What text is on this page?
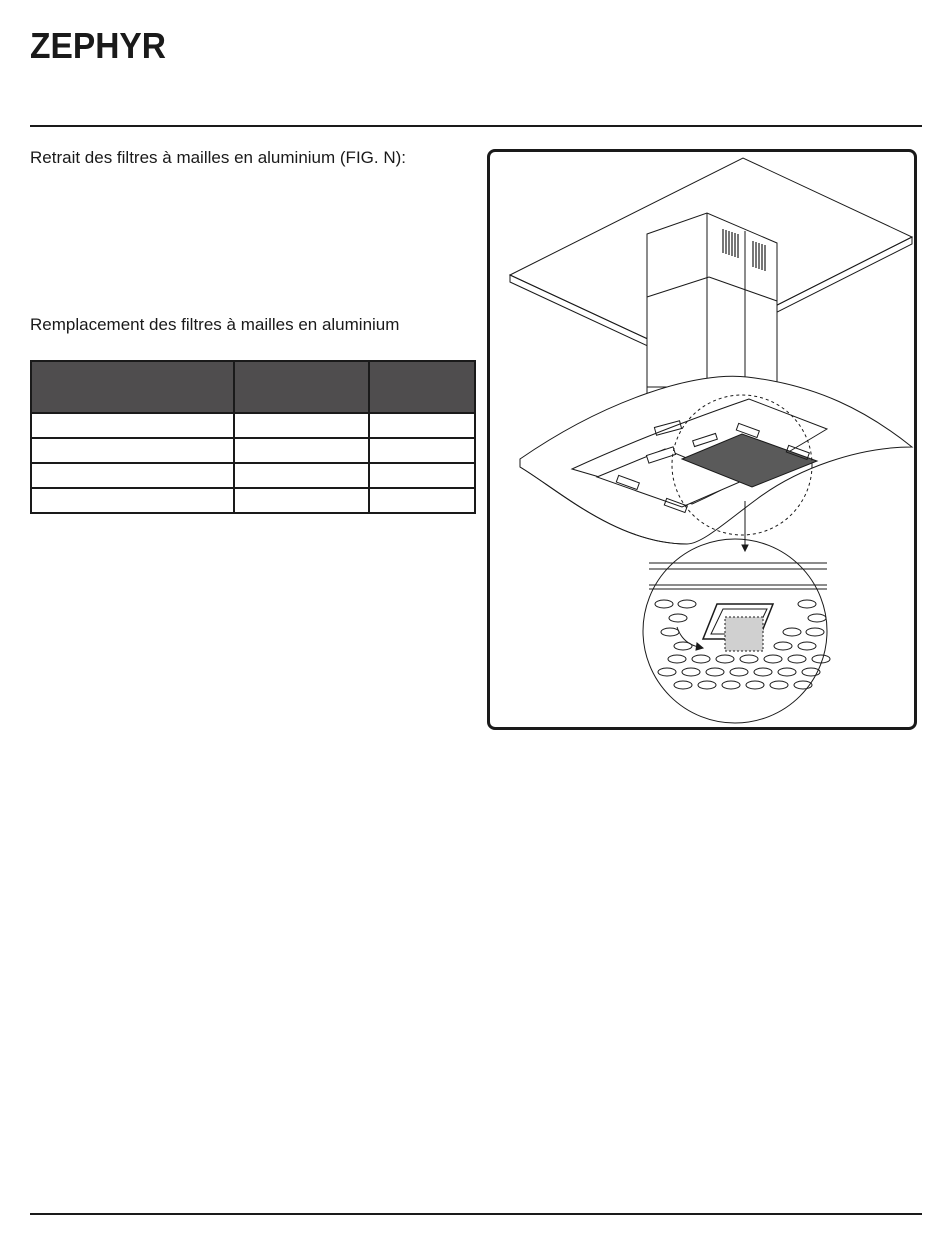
ZEPHYR
Retrait des filtres à mailles en aluminium (FIG. N):
Remplacement des filtres à mailles en aluminium
